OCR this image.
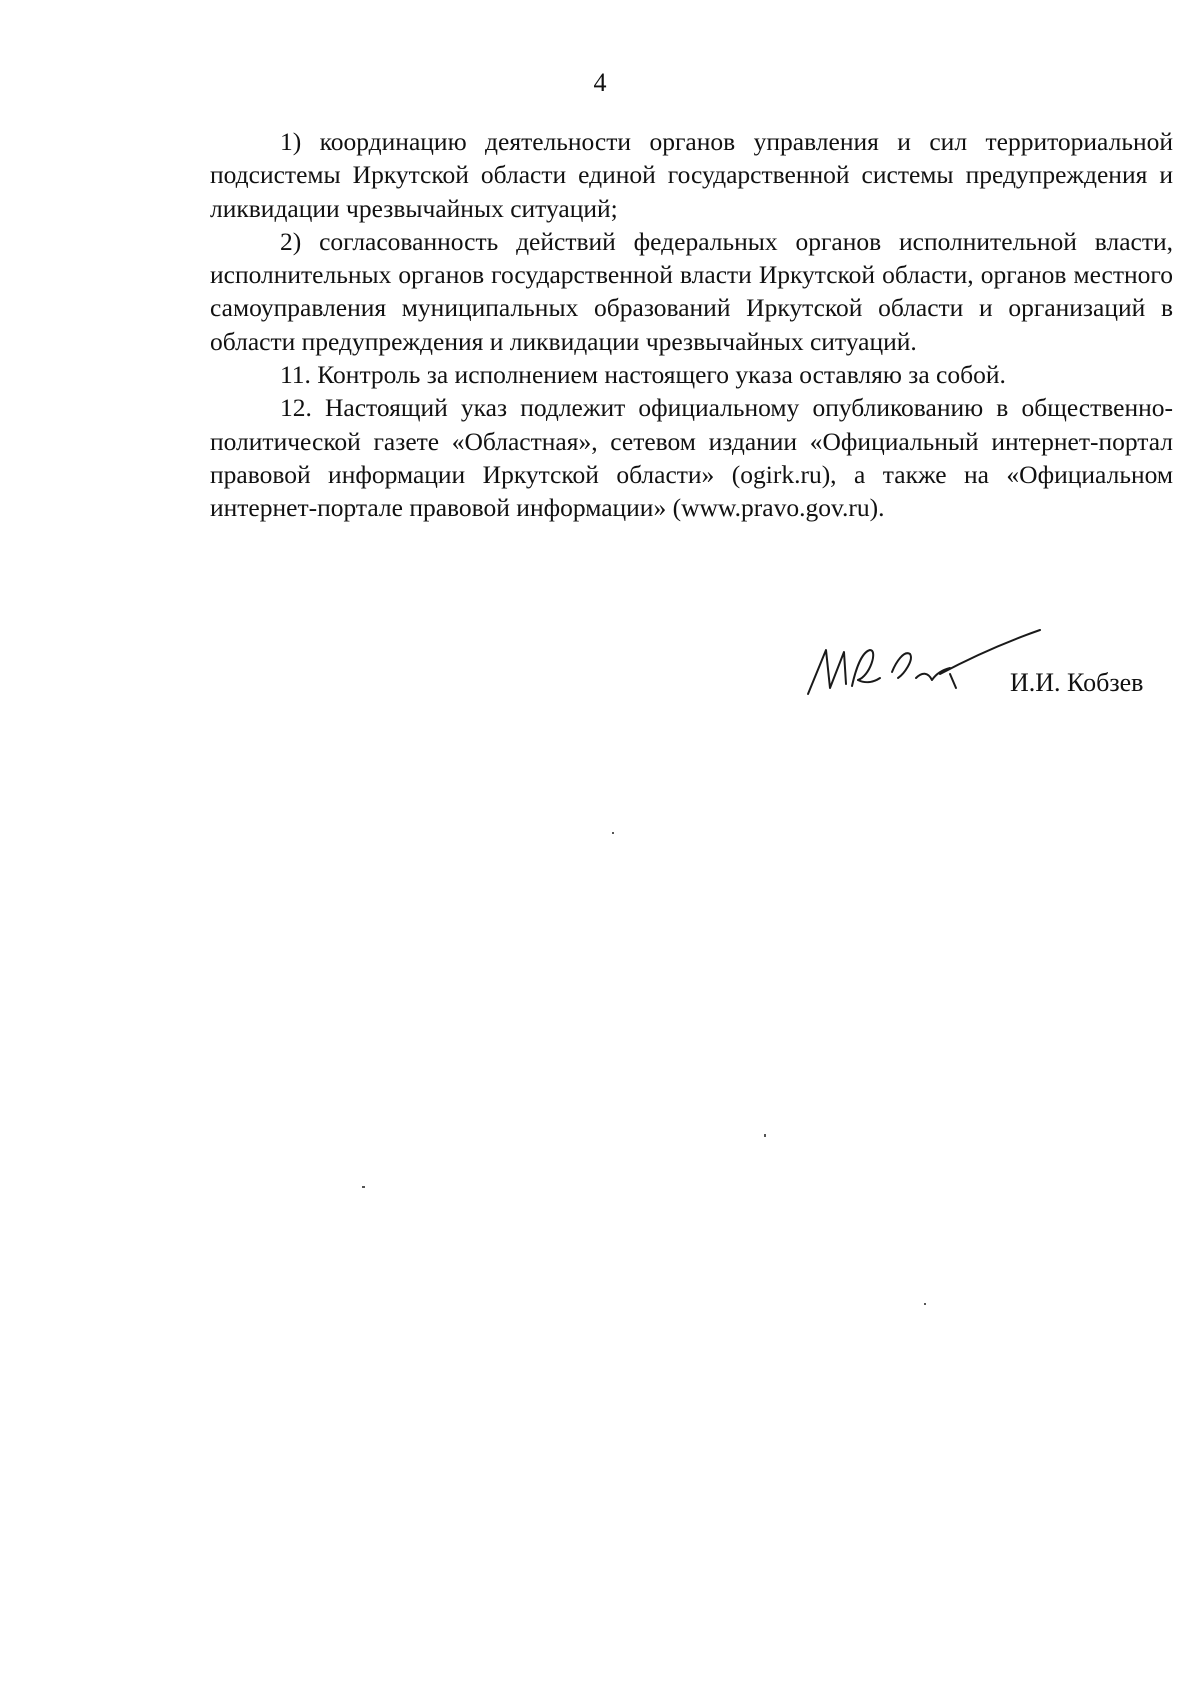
4

1) координацию деятельности органов управления и сил территориальной подсистемы Иркутской области единой государственной системы предупреждения и ликвидации чрезвычайных ситуаций;

2) согласованность действий федеральных органов исполнительной власти, исполнительных органов государственной власти Иркутской области, органов местного самоуправления муниципальных образований Иркутской области и организаций в области предупреждения и ликвидации чрезвычайных ситуаций.

11. Контроль за исполнением настоящего указа оставляю за собой.

12. Настоящий указ подлежит официальному опубликованию в общественно-политической газете «Областная», сетевом издании «Официальный интернет-портал правовой информации Иркутской области» (ogirk.ru), а также на «Официальном интернет-портале правовой информации» (www.pravo.gov.ru).

И.И. Кобзев
